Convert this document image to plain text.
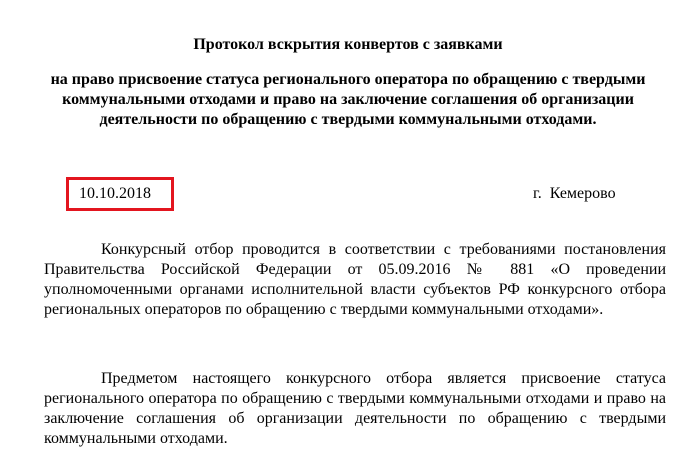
Протокол вскрытия конвертов с заявками

на право присвоение статуса регионального оператора по обращению с твердыми коммунальными отходами и право на заключение соглашения об организации деятельности по обращению с твердыми коммунальными отходами.

10.10.2018	г.  Кемерово

Конкурсный отбор проводится в соответствии с требованиями постановления Правительства Российской Федерации от 05.09.2016 № 881 «О проведении уполномоченными органами исполнительной власти субъектов РФ конкурсного отбора региональных операторов по обращению с твердыми коммунальными отходами».

Предметом настоящего конкурсного отбора является присвоение статуса регионального оператора по обращению с твердыми коммунальными отходами и право на заключение соглашения об организации деятельности по обращению с твердыми коммунальными отходами.
